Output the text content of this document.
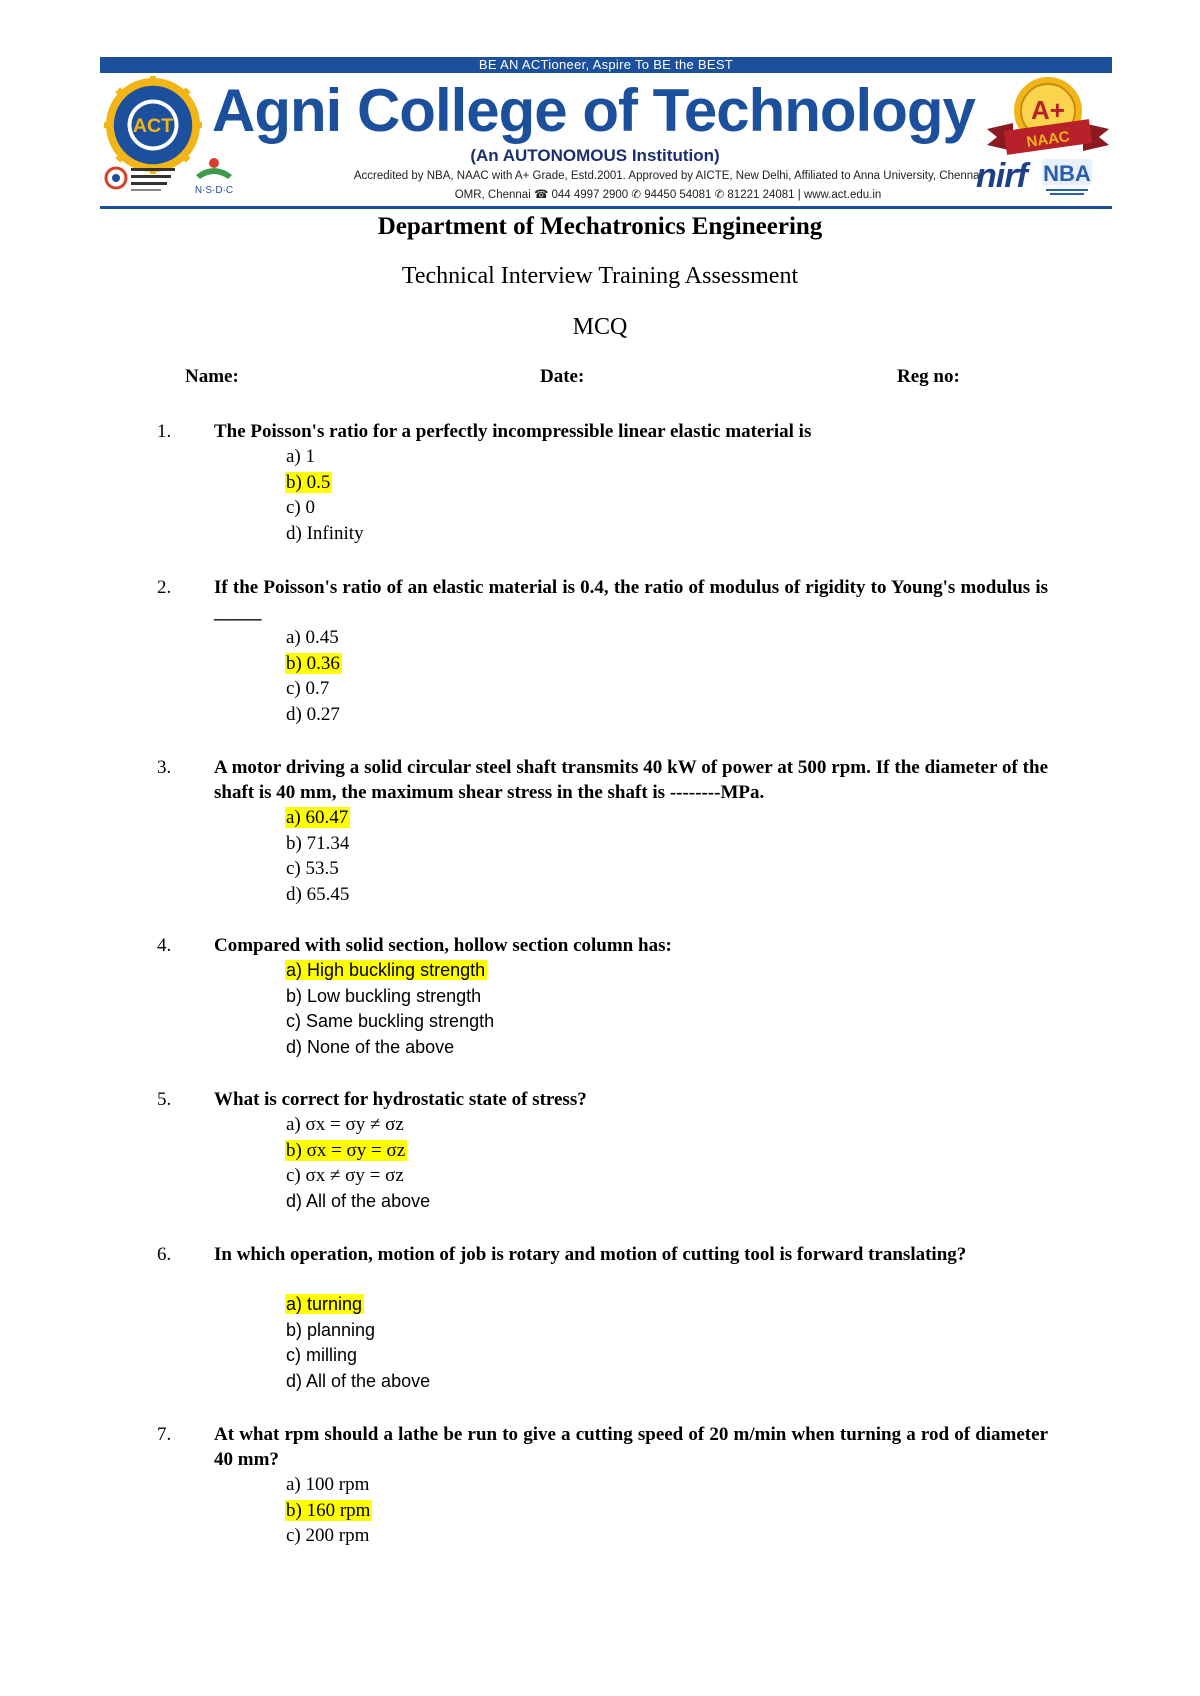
BE AN ACTioneer, Aspire To BE the BEST
ACT Agni College of Technology	A+
NAAC
(An AUTONOMOUS Institution)
Accredited by NBA, NAAC with A+ Grade, Estd.2001. Approved by AICTE, New Delhi, Affiliated to Anna University, Chennai
OMR, Chennai ☎ 044 4997 2900 ✆ 94450 54081 ✆ 81221 24081 | www.act.edu.in
N·S·D·C	nirf NBA
Department of Mechatronics Engineering
Technical Interview Training Assessment
MCQ
Name:	Date:	Reg no:
1. The Poisson's ratio for a perfectly incompressible linear elastic material is

a) 1
b) 0.5
c) 0
d) Infinity
2. If the Poisson's ratio of an elastic material is 0.4, the ratio of modulus of rigidity to Young's modulus is _____

a) 0.45
b) 0.36
c) 0.7
d) 0.27
3. A motor driving a solid circular steel shaft transmits 40 kW of power at 500 rpm. If the diameter of the shaft is 40 mm, the maximum shear stress in the shaft is --------MPa.

a) 60.47
b) 71.34
c) 53.5
d) 65.45
4. Compared with solid section, hollow section column has:

a) High buckling strength
b) Low buckling strength
c) Same buckling strength
d) None of the above
5. What is correct for hydrostatic state of stress?

a) σx = σy ≠ σz
b) σx = σy = σz
c) σx ≠ σy = σz
d) All of the above
6. In which operation, motion of job is rotary and motion of cutting tool is forward translating?

a) turning
b) planning
c) milling
d) All of the above
7. At what rpm should a lathe be run to give a cutting speed of 20 m/min when turning a rod of diameter 40 mm?

a) 100 rpm
b) 160 rpm
c) 200 rpm
